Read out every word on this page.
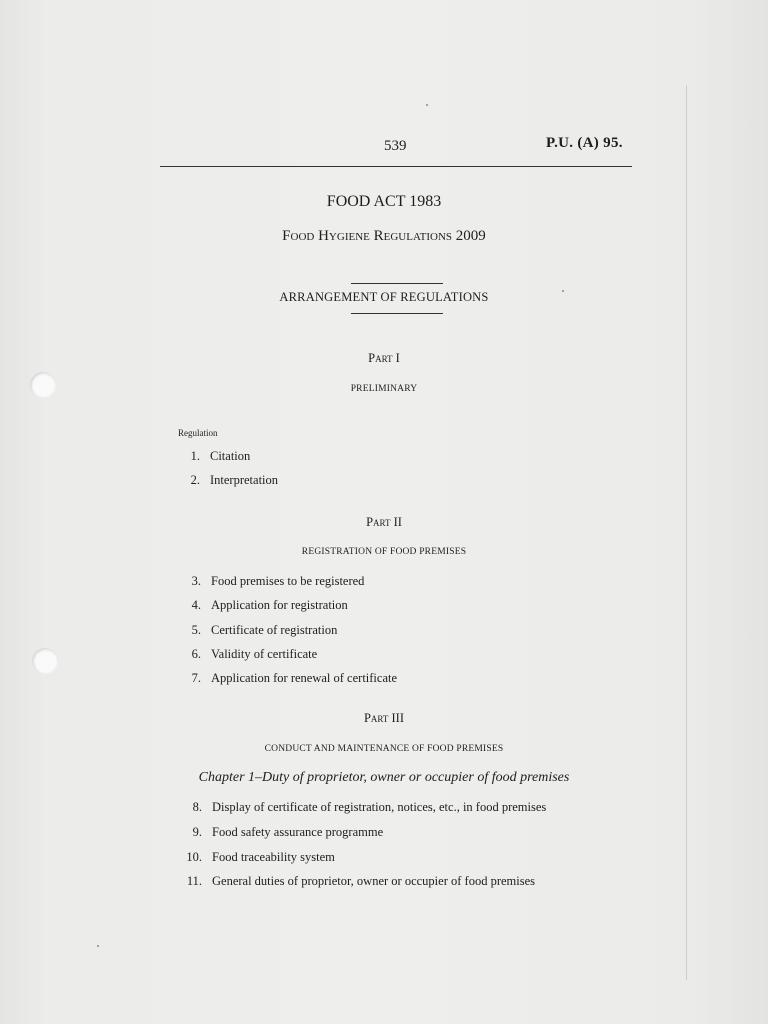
539	P.U. (A) 95.
FOOD ACT 1983
Food Hygiene Regulations 2009
ARRANGEMENT OF REGULATIONS
Part I
PRELIMINARY
Regulation
1. Citation
2. Interpretation
Part II
REGISTRATION OF FOOD PREMISES
3. Food premises to be registered
4. Application for registration
5. Certificate of registration
6. Validity of certificate
7. Application for renewal of certificate
Part III
CONDUCT AND MAINTENANCE OF FOOD PREMISES
Chapter 1–Duty of proprietor, owner or occupier of food premises
8. Display of certificate of registration, notices, etc., in food premises
9. Food safety assurance programme
10. Food traceability system
11. General duties of proprietor, owner or occupier of food premises
